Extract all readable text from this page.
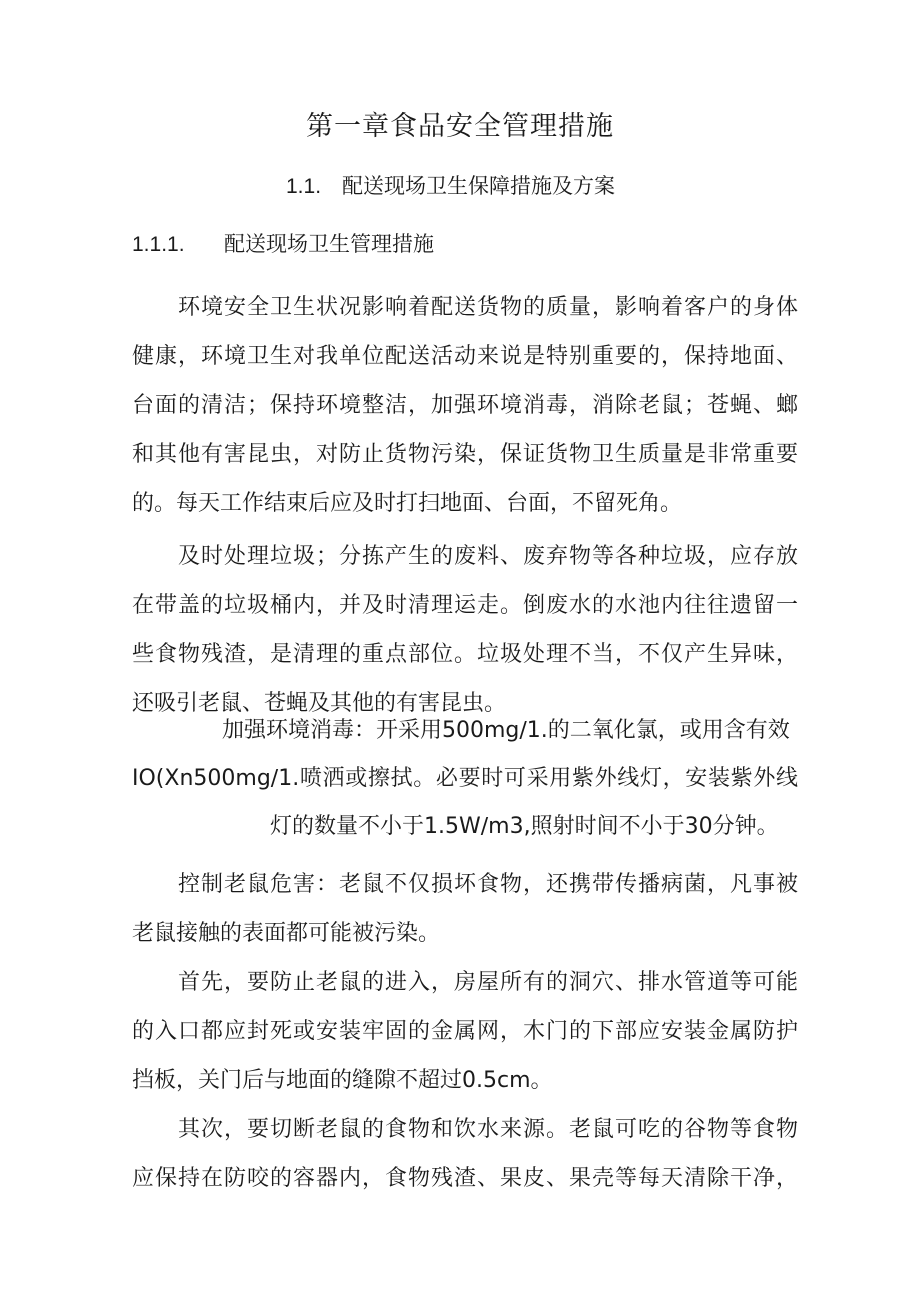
第一章食品安全管理措施
1.1. 配送现场卫生保障措施及方案
1.1.1. 配送现场卫生管理措施
环境安全卫生状况影响着配送货物的质量，影响着客户的身体
健康，环境卫生对我单位配送活动来说是特别重要的，保持地面、
台面的清洁；保持环境整洁，加强环境消毒，消除老鼠；苍蝇、螂
和其他有害昆虫，对防止货物污染，保证货物卫生质量是非常重要
的。每天工作结束后应及时打扫地面、台面，不留死角。
及时处理垃圾；分拣产生的废料、废弃物等各种垃圾，应存放
在带盖的垃圾桶内，并及时清理运走。倒废水的水池内往往遗留一
些食物残渣，是清理的重点部位。垃圾处理不当，不仅产生异味，
还吸引老鼠、苍蝇及其他的有害昆虫。

加强环境消毒：开采用500mg∕1.的二氧化氯，或用含有效

IO(Xn500mg∕1.喷洒或擦拭。必要时可采用紫外线灯，安装紫外线

灯的数量不小于1.5W∕m3,照射时间不小于30分钟。

控制老鼠危害：老鼠不仅损坏食物，还携带传播病菌，凡事被
老鼠接触的表面都可能被污染。
首先，要防止老鼠的进入，房屋所有的洞穴、排水管道等可能
的入口都应封死或安装牢固的金属网，木门的下部应安装金属防护
挡板，关门后与地面的缝隙不超过0.5cm。
其次，要切断老鼠的食物和饮水来源。老鼠可吃的谷物等食物
应保持在防咬的容器内，食物残渣、果皮、果壳等每天清除干净，
